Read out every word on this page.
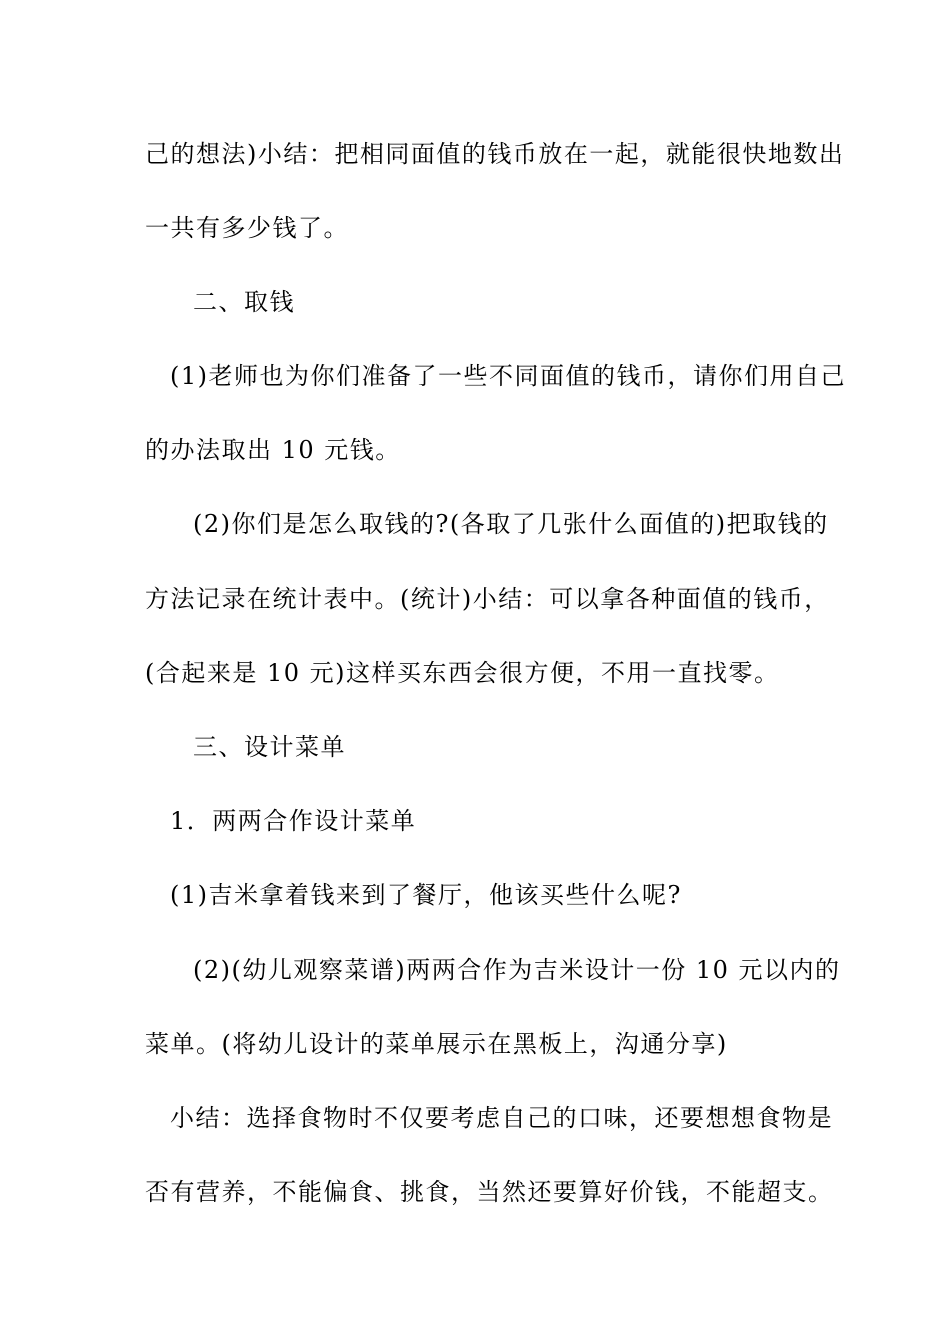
己的想法)小结：把相同面值的钱币放在一起，就能很快地数出
一共有多少钱了。
二、取钱
(1)老师也为你们准备了一些不同面值的钱币，请你们用自己
的办法取出 10 元钱。
(2)你们是怎么取钱的?(各取了几张什么面值的)把取钱的
方法记录在统计表中。(统计)小结：可以拿各种面值的钱币，
(合起来是 10 元)这样买东西会很方便，不用一直找零。
三、设计菜单
1．两两合作设计菜单
(1)吉米拿着钱来到了餐厅，他该买些什么呢?
(2)(幼儿观察菜谱)两两合作为吉米设计一份 10 元以内的
菜单。(将幼儿设计的菜单展示在黑板上，沟通分享)
小结：选择食物时不仅要考虑自己的口味，还要想想食物是
否有营养，不能偏食、挑食，当然还要算好价钱，不能超支。
